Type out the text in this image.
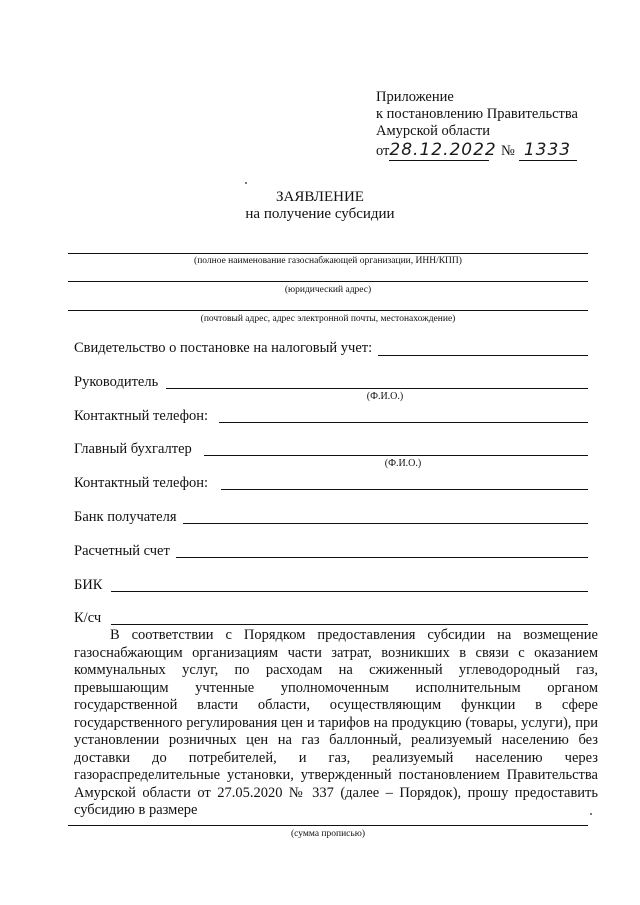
Приложение
к постановлению Правительства
Амурской области
от28.12.2022 № 1333
ЗАЯВЛЕНИЕ
на получение субсидии
(полное наименование газоснабжающей организации, ИНН/КПП)
(юридический адрес)
(почтовый адрес, адрес электронной почты, местонахождение)
Свидетельство о постановке на налоговый учет:
Руководитель
(Ф.И.О.)
Контактный телефон:
Главный бухгалтер
(Ф.И.О.)
Контактный телефон:
Банк получателя
Расчетный счет
БИК
К/сч
В соответствии с Порядком предоставления субсидии на возмещение газоснабжающим организациям части затрат, возникших в связи с оказанием коммунальных услуг, по расходам на сжиженный углеводородный газ, превышающим учтенные уполномоченным исполнительным органом государственной власти области, осуществляющим функции в сфере государственного регулирования цен и тарифов на продукцию (товары, услуги), при установлении розничных цен на газ баллонный, реализуемый населению без доставки до потребителей, и газ, реализуемый населению через газораспределительные установки, утвержденный постановлением Правительства Амурской области от 27.05.2020 № 337 (далее – Порядок), прошу предоставить субсидию в размере
(сумма прописью)
